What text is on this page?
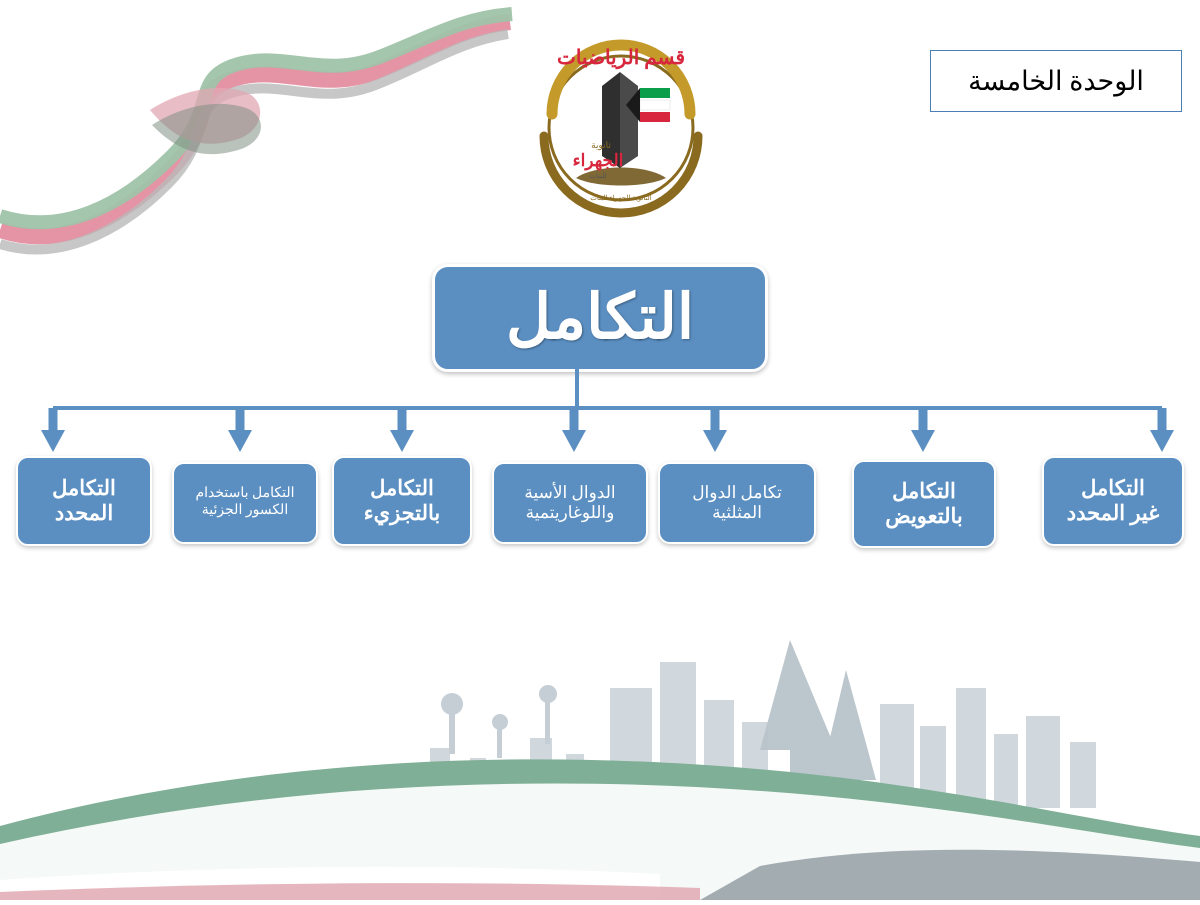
قسم الرياضيات
ثانوية
الجهراء
للبنات
الثانوية الجهراء للبنات
الوحدة الخامسة
التكامل
التكامل
غير المحدد
التكامل
بالتعويض
تكامل الدوال
المثلثية
الدوال الأسية
واللوغاريتمية
التكامل
بالتجزيء
التكامل باستخدام
الكسور الجزئية
التكامل
المحدد
